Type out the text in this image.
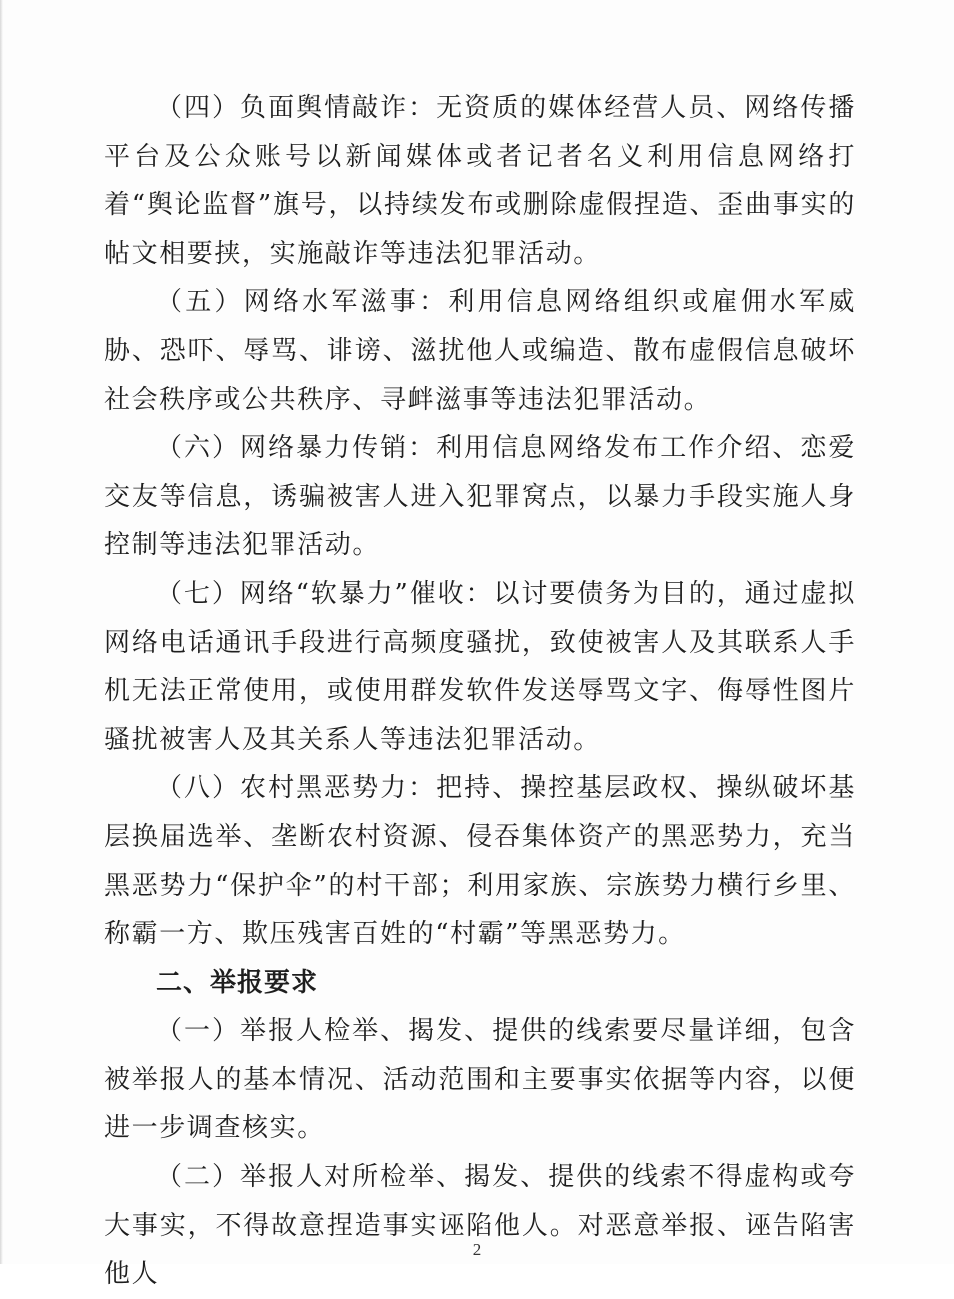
（四）负面舆情敲诈：无资质的媒体经营人员、网络传播平台及公众账号以新闻媒体或者记者名义利用信息网络打着“舆论监督”旗号，以持续发布或删除虚假捏造、歪曲事实的帖文相要挟，实施敲诈等违法犯罪活动。

（五）网络水军滋事：利用信息网络组织或雇佣水军威胁、恐吓、辱骂、诽谤、滋扰他人或编造、散布虚假信息破坏社会秩序或公共秩序、寻衅滋事等违法犯罪活动。

（六）网络暴力传销：利用信息网络发布工作介绍、恋爱交友等信息，诱骗被害人进入犯罪窝点，以暴力手段实施人身控制等违法犯罪活动。

（七）网络“软暴力”催收：以讨要债务为目的，通过虚拟网络电话通讯手段进行高频度骚扰，致使被害人及其联系人手机无法正常使用，或使用群发软件发送辱骂文字、侮辱性图片骚扰被害人及其关系人等违法犯罪活动。

（八）农村黑恶势力：把持、操控基层政权、操纵破坏基层换届选举、垄断农村资源、侵吞集体资产的黑恶势力，充当黑恶势力“保护伞”的村干部；利用家族、宗族势力横行乡里、称霸一方、欺压残害百姓的“村霸”等黑恶势力。

二、举报要求

（一）举报人检举、揭发、提供的线索要尽量详细，包含被举报人的基本情况、活动范围和主要事实依据等内容，以便进一步调查核实。

（二）举报人对所检举、揭发、提供的线索不得虚构或夸大事实，不得故意捏造事实诬陷他人。对恶意举报、诬告陷害他人

2
